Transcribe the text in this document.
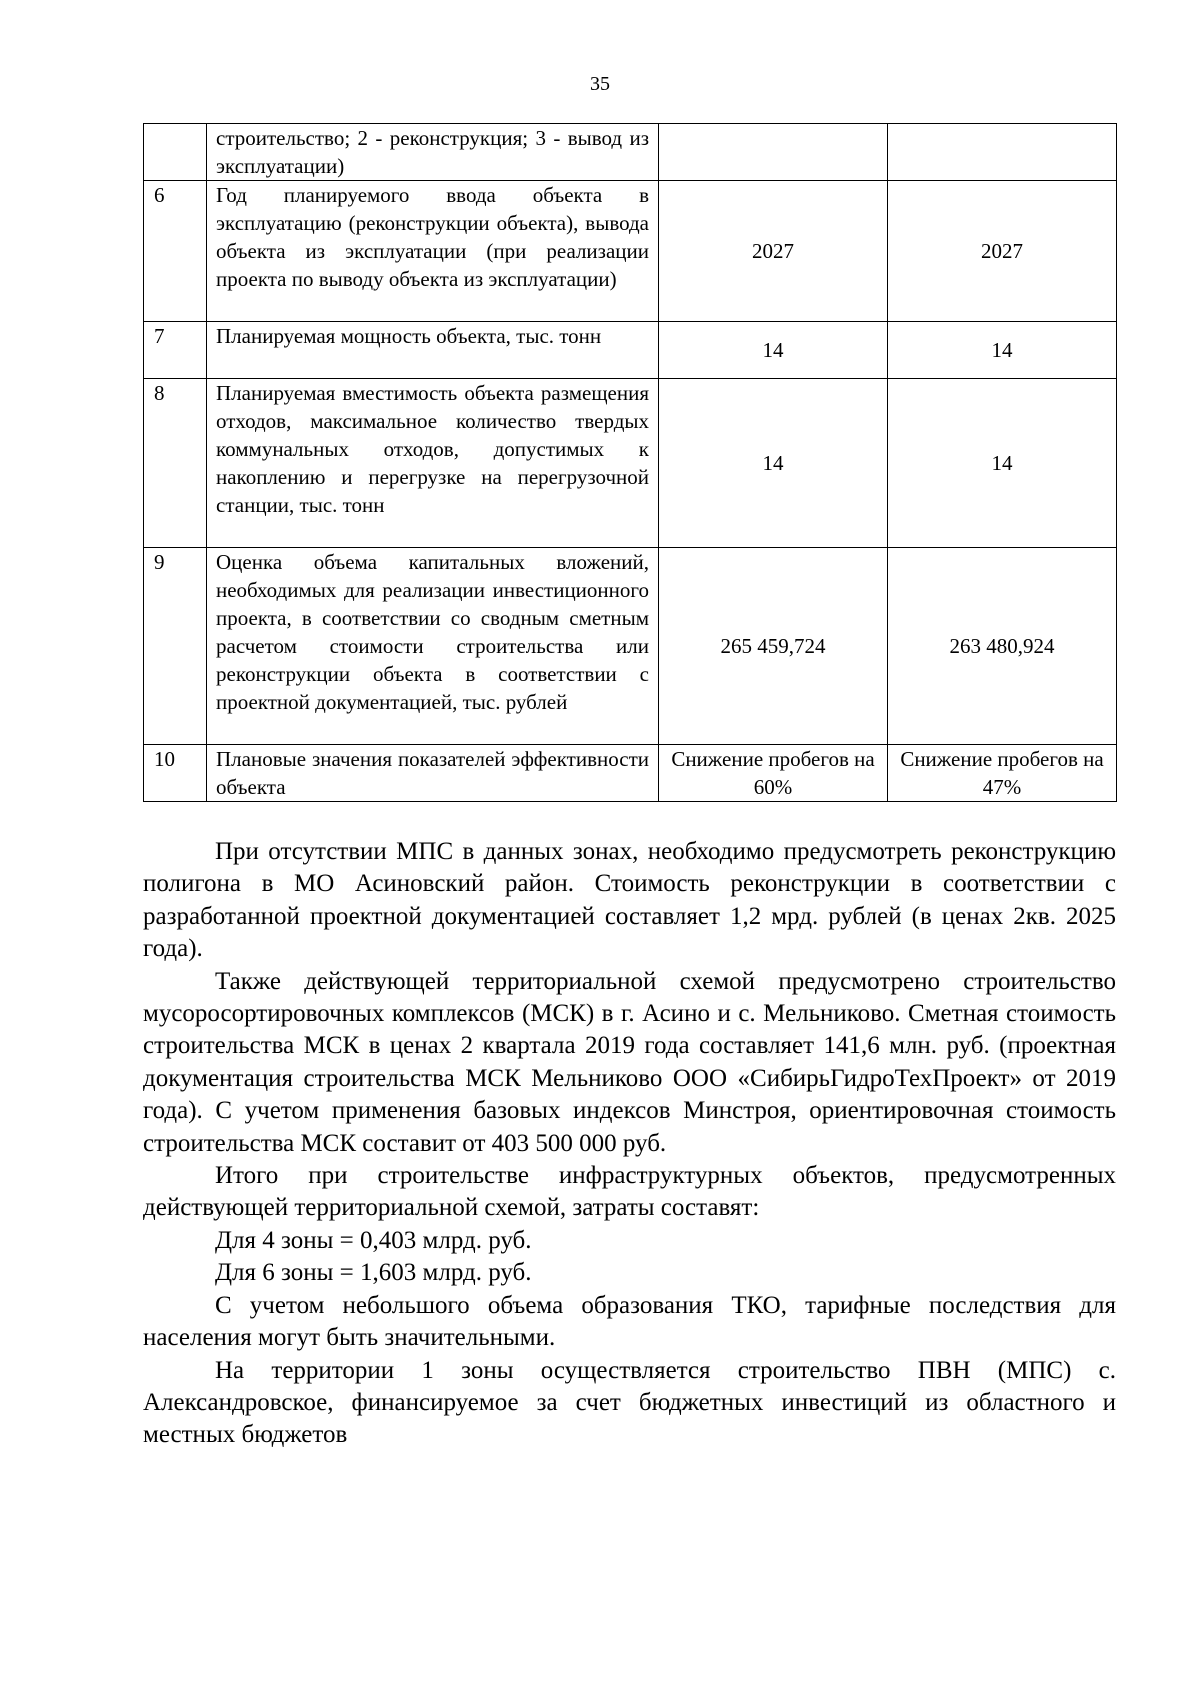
35
	строительство; 2 - реконструкция; 3 - вывод из эксплуатации)		
6	Год планируемого ввода объекта в эксплуатацию (реконструкции объекта), вывода объекта из эксплуатации (при реализации проекта по выводу объекта из эксплуатации)	2027	2027
7	Планируемая мощность объекта, тыс. тонн	14	14
8	Планируемая вместимость объекта размещения отходов, максимальное количество твердых коммунальных отходов, допустимых к накоплению и перегрузке на перегрузочной станции, тыс. тонн	14	14
9	Оценка объема капитальных вложений, необходимых для реализации инвестиционного проекта, в соответствии со сводным сметным расчетом стоимости строительства или реконструкции объекта в соответствии с проектной документацией, тыс. рублей	265 459,724	263 480,924
10	Плановые значения показателей эффективности объекта	Снижение пробегов на 60%	Снижение пробегов на 47%

При отсутствии МПС в данных зонах, необходимо предусмотреть реконструкцию полигона в МО Асиновский район. Стоимость реконструкции в соответствии с разработанной проектной документацией составляет 1,2 мрд. рублей (в ценах 2кв. 2025 года).

Также действующей территориальной схемой предусмотрено строительство мусоросортировочных комплексов (МСК) в г. Асино и с. Мельниково. Сметная стоимость строительства МСК в ценах 2 квартала 2019 года составляет 141,6 млн. руб. (проектная документация строительства МСК Мельниково ООО «СибирьГидроТехПроект» от 2019 года). С учетом применения базовых индексов Минстроя, ориентировочная стоимость строительства МСК составит от 403 500 000 руб.

Итого при строительстве инфраструктурных объектов, предусмотренных действующей территориальной схемой, затраты составят:

Для 4 зоны = 0,403 млрд. руб.

Для 6 зоны = 1,603 млрд. руб.

С учетом небольшого объема образования ТКО, тарифные последствия для населения могут быть значительными.

На территории 1 зоны осуществляется строительство ПВН (МПС) с. Александровское, финансируемое за счет бюджетных инвестиций из областного и местных бюджетов
